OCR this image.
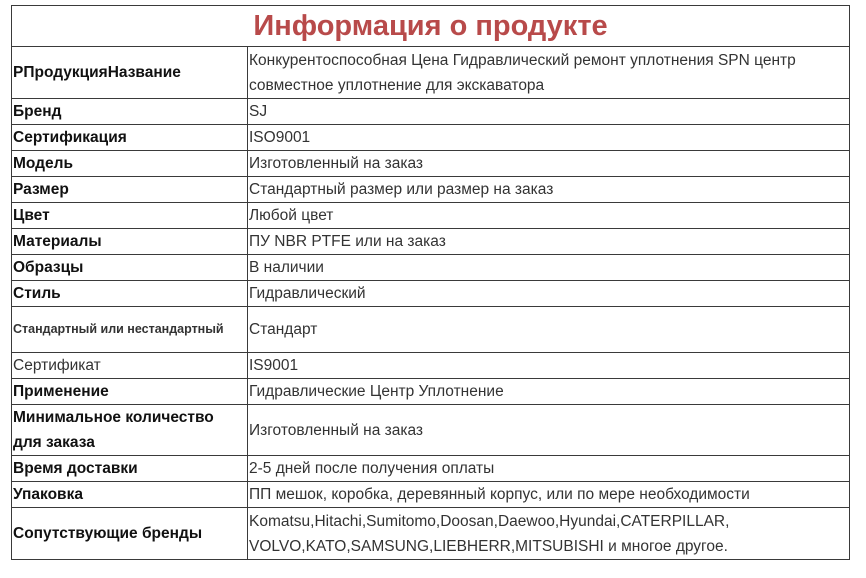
Информация о продукте	
РПродукцияНазвание	Конкурентоспособная Цена Гидравлический ремонт уплотнения SPN центр совместное уплотнение для экскаватора
Бренд	SJ
Сертификация	ISO9001
Модель	Изготовленный на заказ
Размер	Стандартный размер или размер на заказ
Цвет	Любой цвет
Материалы	ПУ NBR PTFE или на заказ
Образцы	В наличии
Стиль	Гидравлический
Стандартный или нестандартный	Стандарт
Сертификат	IS9001
Применение	Гидравлические Центр Уплотнение
Минимальное количество для заказа	Изготовленный на заказ
Время доставки	2-5 дней после получения оплаты
Упаковка	ПП мешок, коробка, деревянный корпус, или по мере необходимости
Сопутствующие бренды	Komatsu,Hitachi,Sumitomo,Doosan,Daewoo,Hyundai,CATERPILLAR, VOLVO,KATO,SAMSUNG,LIEBHERR,MITSUBISHI и многое другое.
